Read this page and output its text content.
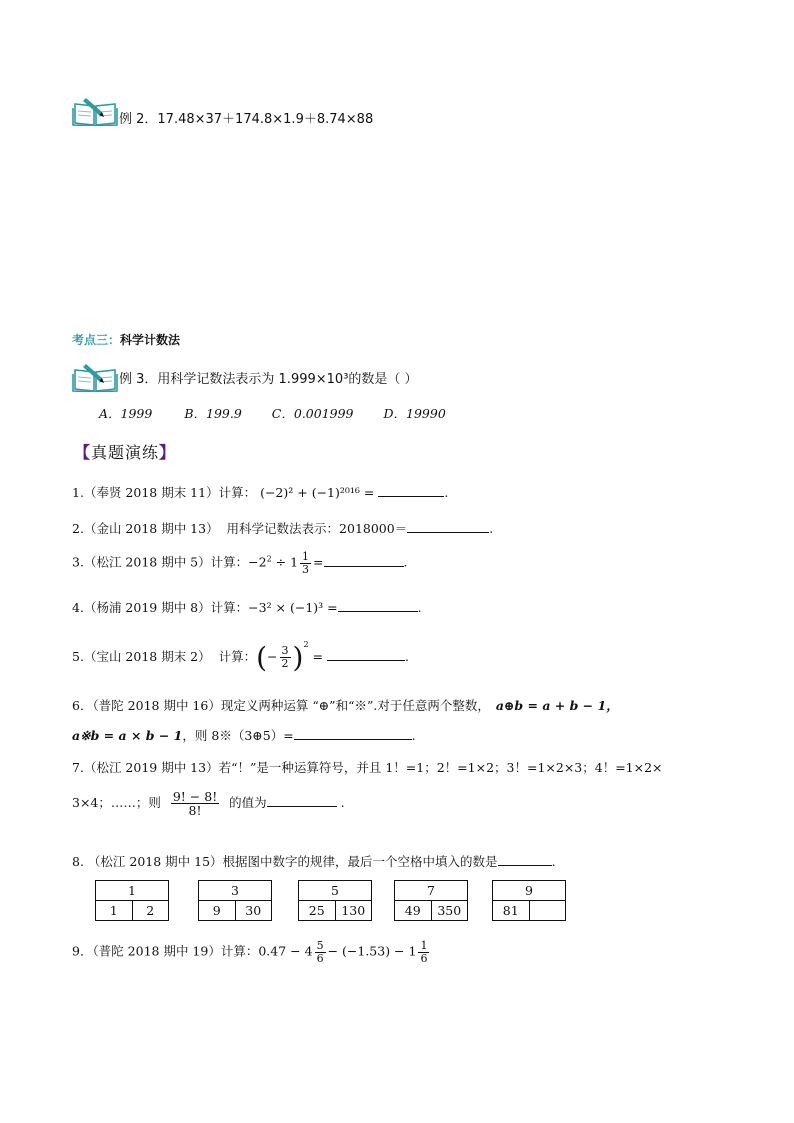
例 2．17.48×37＋174.8×1.9＋8.74×88
考点三：科学计数法
例 3．用科学记数法表示为 1.999×10³的数是（ ）
A．1999	B．199.9 C．0.001999 D．19990
【真题演练】
1.（奉贤 2018 期末 11）计算： (−2)² + (−1)²⁰¹⁶ =	.
2.（金山 2018 期中 13） 用科学记数法表示：2018000＝	.
3.（松江 2018 期中 5）计算：$-2^2 \div 1 \frac{1}{3}$ =	.
4.（杨浦 2019 期中 8）计算：−3² × (−1)³ =	.
5.（宝山 2018 期末 2） 计算：(− $\frac{3}{2} )^2$ =	.
6．（普陀 2018 期中 16）现定义两种运算 “⊕”和“※”.对于任意两个整数， a⊕b = a + b − 1，
a※b = a × b − 1，则 8※（3⊕5）=	.
7.（松江 2019 期中 13）若“！”是一种运算符号，并且 1！=1；2！=1×2；3！=1×2×3；4！=1×2×
3×4；……；则 $\frac{9! - 8!}{8!}$ 的值为	.
8. （松江 2018 期中 15）根据图中数字的规律，最后一个空格中填入的数是	.
1
1	2
3
9	30
5
25	130
7
49	350
9
81
9．（普陀 2018 期中 19）计算：$0.47 - 4 \frac{5}{6} - (-1.53) - 1 \frac{1}{6}$
